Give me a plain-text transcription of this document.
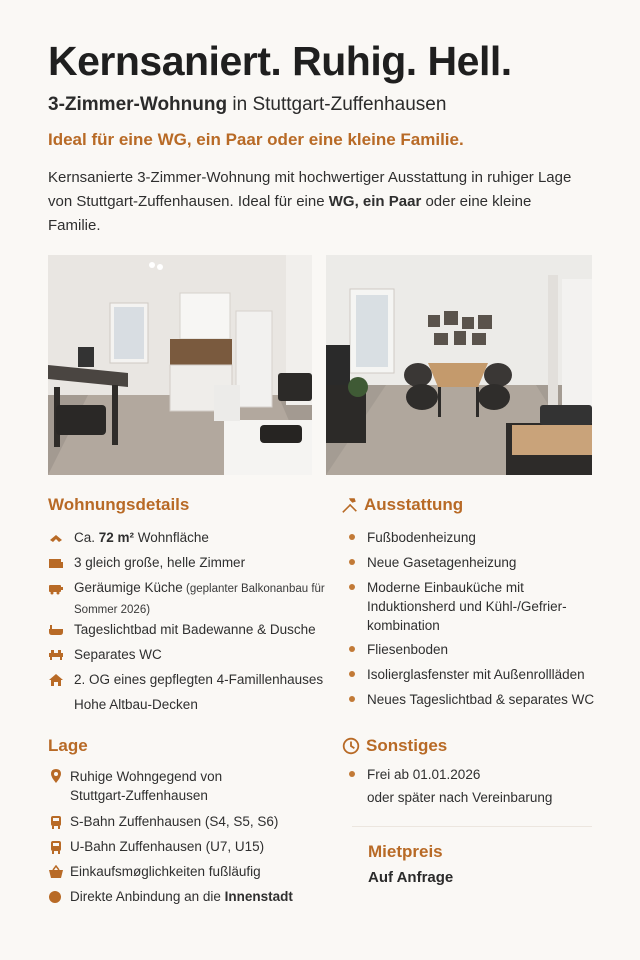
Kernsaniert. Ruhig. Hell.
3-Zimmer-Wohnung in Stuttgart-Zuffenhausen
Ideal für eine WG, ein Paar oder eine kleine Familie.
Kernsanierte 3-Zimmer-Wohnung mit hochwertiger Ausstattung in ruhiger Lage von Stuttgart-Zuffenhausen. Ideal für eine WG, ein Paar oder eine kleine Familie.
Wohnungsdetails
Ca. 72 m² Wohnfläche
3 gleich große, helle Zimmer
Geräumige Küche (geplanter Balkonanbau für Sommer 2026)
Tageslichtbad mit Badewanne & Dusche
Separates WC
2. OG eines gepflegten 4-Famillenhauses
Hohe Altbau-Decken
Ausstattung
Fußbodenheizung
Neue Gasetagenheizung
Moderne Einbauküche mit Induktionsherd und Kühl-/Gefrier-kombination
Fliesenboden
Isolierglasfenster mit Außenrollläden
Neues Tageslichtbad & separates WC
Lage
Ruhige Wohngegend von Stuttgart-Zuffenhausen
S-Bahn Zuffenhausen (S4, S5, S6)
U-Bahn Zuffenhausen (U7, U15)
Einkaufsmøglichkeiten fußläufig
Direkte Anbindung an die Innenstadt
Sonstiges
Frei ab 01.01.2026
oder später nach Vereinbarung
Mietpreis
Auf Anfrage
